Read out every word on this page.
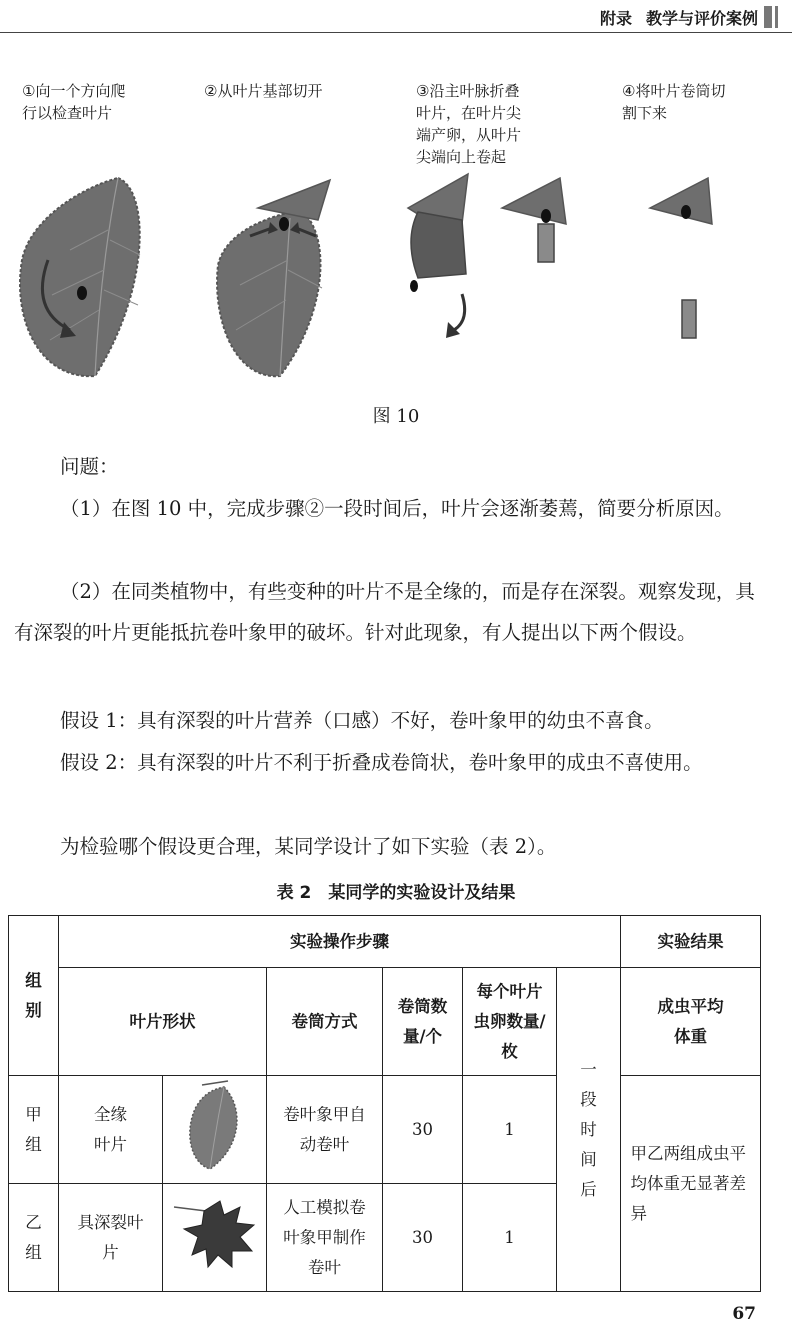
附录 教学与评价案例
①向一个方向爬
行以检查叶片
②从叶片基部切开	③沿主叶脉折叠
叶片，在叶片尖
端产卵，从叶片
尖端向上卷起
④将叶片卷筒切
割下来
图 10
问题：
（1）在图 10 中，完成步骤②一段时间后，叶片会逐渐萎蔫，简要分析原因。
（2）在同类植物中，有些变种的叶片不是全缘的，而是存在深裂。观察发现，具有深裂的叶片更能抵抗卷叶象甲的破坏。针对此现象，有人提出以下两个假设。
假设 1：具有深裂的叶片营养（口感）不好，卷叶象甲的幼虫不喜食。
假设 2：具有深裂的叶片不利于折叠成卷筒状，卷叶象甲的成虫不喜使用。
为检验哪个假设更合理，某同学设计了如下实验（表 2）。
表 2　某同学的实验设计及结果
组别	实验操作步骤						实验结果
	叶片形状		卷筒方式	卷筒数量/个	每个叶片虫卵数量/枚	一段时间后	成虫平均体重

甲组	全缘叶片		卷叶象甲自动卷叶	30	1		甲乙两组成虫平均体重无显著差异

乙组	具深裂叶片		人工模拟卷叶象甲制作卷叶	30	1		
67
